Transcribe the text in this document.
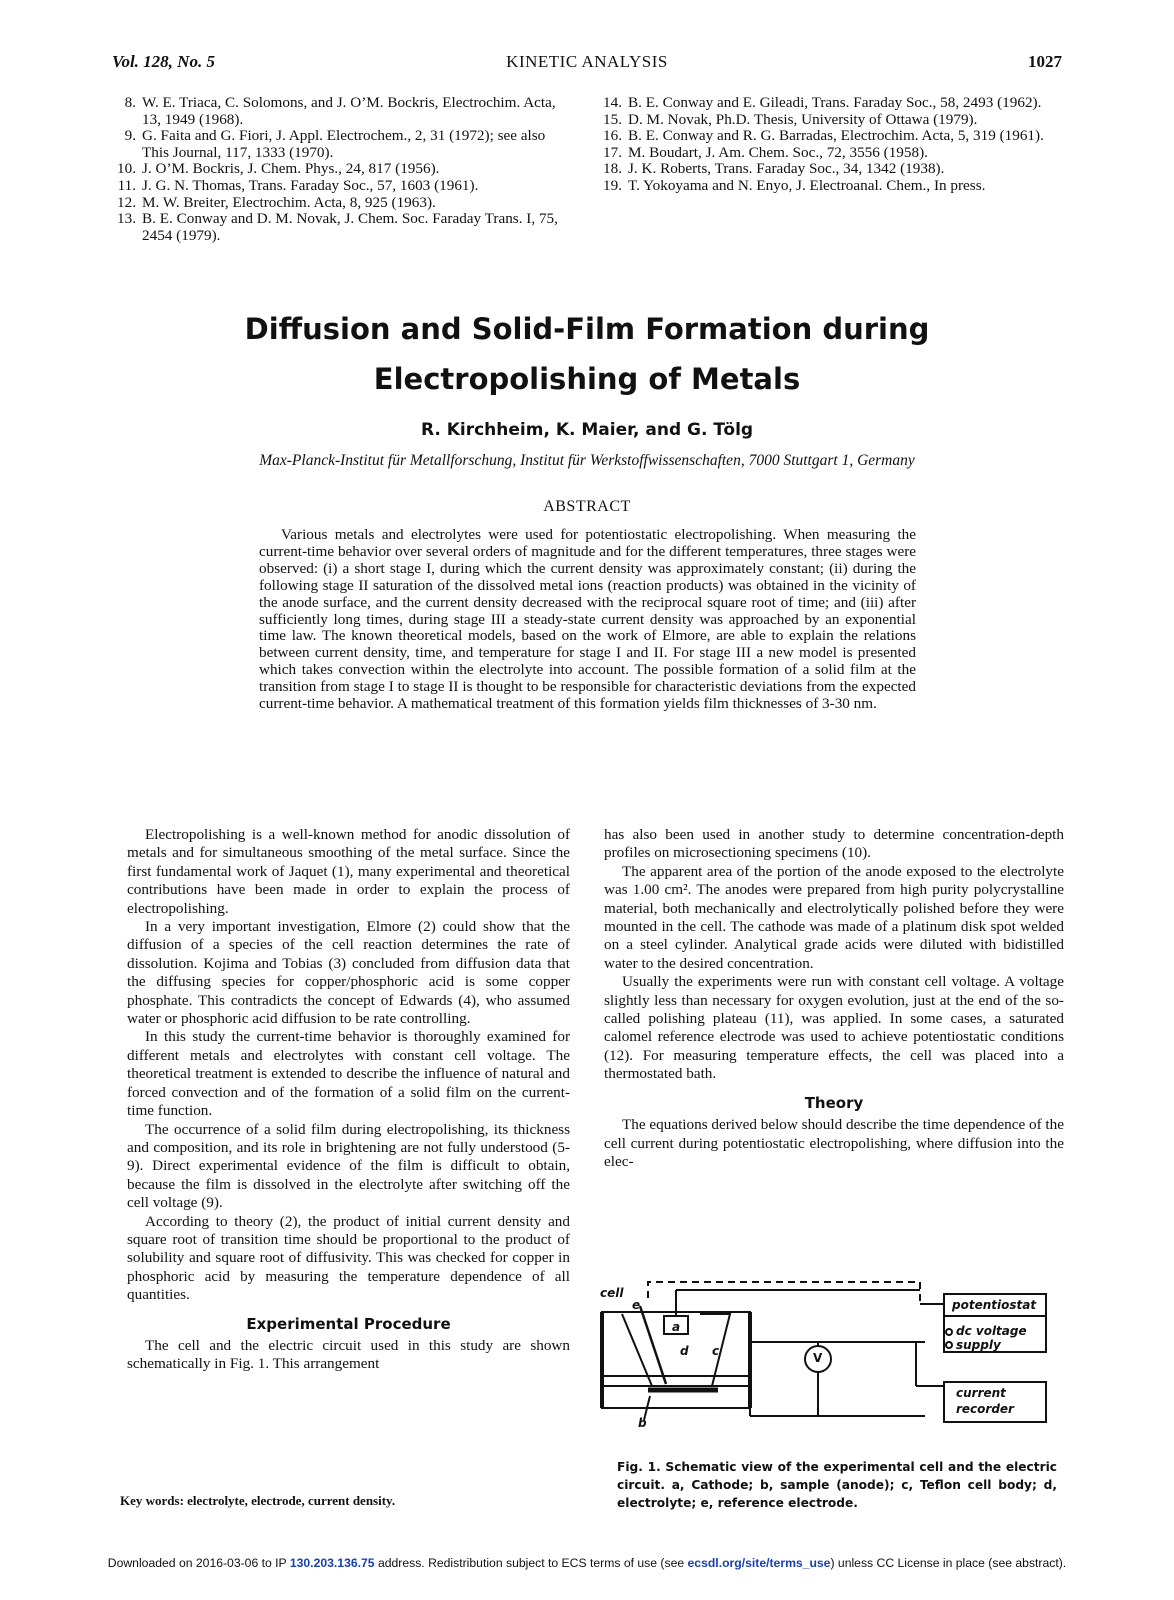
Vol. 128, No. 5	KINETIC ANALYSIS	1027
8. W. E. Triaca, C. Solomons, and J. O’M. Bockris, Electrochim. Acta, 13, 1949 (1968).
9. G. Faita and G. Fiori, J. Appl. Electrochem., 2, 31 (1972); see also This Journal, 117, 1333 (1970).
10. J. O’M. Bockris, J. Chem. Phys., 24, 817 (1956).
11. J. G. N. Thomas, Trans. Faraday Soc., 57, 1603 (1961).
12. M. W. Breiter, Electrochim. Acta, 8, 925 (1963).
13. B. E. Conway and D. M. Novak, J. Chem. Soc. Faraday Trans. I, 75, 2454 (1979).
14. B. E. Conway and E. Gileadi, Trans. Faraday Soc., 58, 2493 (1962).
15. D. M. Novak, Ph.D. Thesis, University of Ottawa (1979).
16. B. E. Conway and R. G. Barradas, Electrochim. Acta, 5, 319 (1961).
17. M. Boudart, J. Am. Chem. Soc., 72, 3556 (1958).
18. J. K. Roberts, Trans. Faraday Soc., 34, 1342 (1938).
19. T. Yokoyama and N. Enyo, J. Electroanal. Chem., In press.
Diffusion and Solid-Film Formation during
Electropolishing of Metals
R. Kirchheim, K. Maier, and G. Tölg
Max-Planck-Institut für Metallforschung, Institut für Werkstoffwissenschaften, 7000 Stuttgart 1, Germany
ABSTRACT

Various metals and electrolytes were used for potentiostatic electropolishing. When measuring the current-time behavior over several orders of magnitude and for the different temperatures, three stages were observed: (i) a short stage I, during which the current density was approximately constant; (ii) during the following stage II saturation of the dissolved metal ions (reaction products) was obtained in the vicinity of the anode surface, and the current density decreased with the reciprocal square root of time; and (iii) after sufficiently long times, during stage III a steady-state current density was approached by an exponential time law. The known theoretical models, based on the work of Elmore, are able to explain the relations between current density, time, and temperature for stage I and II. For stage III a new model is presented which takes convection within the electrolyte into account. The possible formation of a solid film at the transition from stage I to stage II is thought to be responsible for characteristic deviations from the expected current-time behavior. A mathematical treatment of this formation yields film thicknesses of 3-30 nm.

Electropolishing is a well-known method for anodic dissolution of metals and for simultaneous smoothing of the metal surface. Since the first fundamental work of Jaquet (1), many experimental and theoretical contributions have been made in order to explain the process of electropolishing.

In a very important investigation, Elmore (2) could show that the diffusion of a species of the cell reaction determines the rate of dissolution. Kojima and Tobias (3) concluded from diffusion data that the diffusing species for copper/phosphoric acid is some copper phosphate. This contradicts the concept of Edwards (4), who assumed water or phosphoric acid diffusion to be rate controlling.

In this study the current-time behavior is thoroughly examined for different metals and electrolytes with constant cell voltage. The theoretical treatment is extended to describe the influence of natural and forced convection and of the formation of a solid film on the current-time function.

The occurrence of a solid film during electropolishing, its thickness and composition, and its role in brightening are not fully understood (5-9). Direct experimental evidence of the film is difficult to obtain, because the film is dissolved in the electrolyte after switching off the cell voltage (9).

According to theory (2), the product of initial current density and square root of transition time should be proportional to the product of solubility and square root of diffusivity. This was checked for copper in phosphoric acid by measuring the temperature dependence of all quantities.

Experimental Procedure

The cell and the electric circuit used in this study are shown schematically in Fig. 1. This arrangement

has also been used in another study to determine concentration-depth profiles on microsectioning specimens (10).

The apparent area of the portion of the anode exposed to the electrolyte was 1.00 cm². The anodes were prepared from high purity polycrystalline material, both mechanically and electrolytically polished before they were mounted in the cell. The cathode was made of a platinum disk spot welded on a steel cylinder. Analytical grade acids were diluted with bidistilled water to the desired concentration.

Usually the experiments were run with constant cell voltage. A voltage slightly less than necessary for oxygen evolution, just at the end of the so-called polishing plateau (11), was applied. In some cases, a saturated calomel reference electrode was used to achieve potentiostatic conditions (12). For measuring temperature effects, the cell was placed into a thermostated bath.

Theory

The equations derived below should describe the time dependence of the cell current during potentiostatic electropolishing, where diffusion into the elec-

cell
e
a
d c
b
V
potentiostat
dc voltage
supply
current
recorder
Fig. 1. Schematic view of the experimental cell and the electric circuit. a, Cathode; b, sample (anode); c, Teflon cell body; d, electrolyte; e, reference electrode.
Key words: electrolyte, electrode, current density.
Downloaded on 2016-03-06 to IP 130.203.136.75 address. Redistribution subject to ECS terms of use (see ecsdl.org/site/terms_use) unless CC License in place (see abstract).
